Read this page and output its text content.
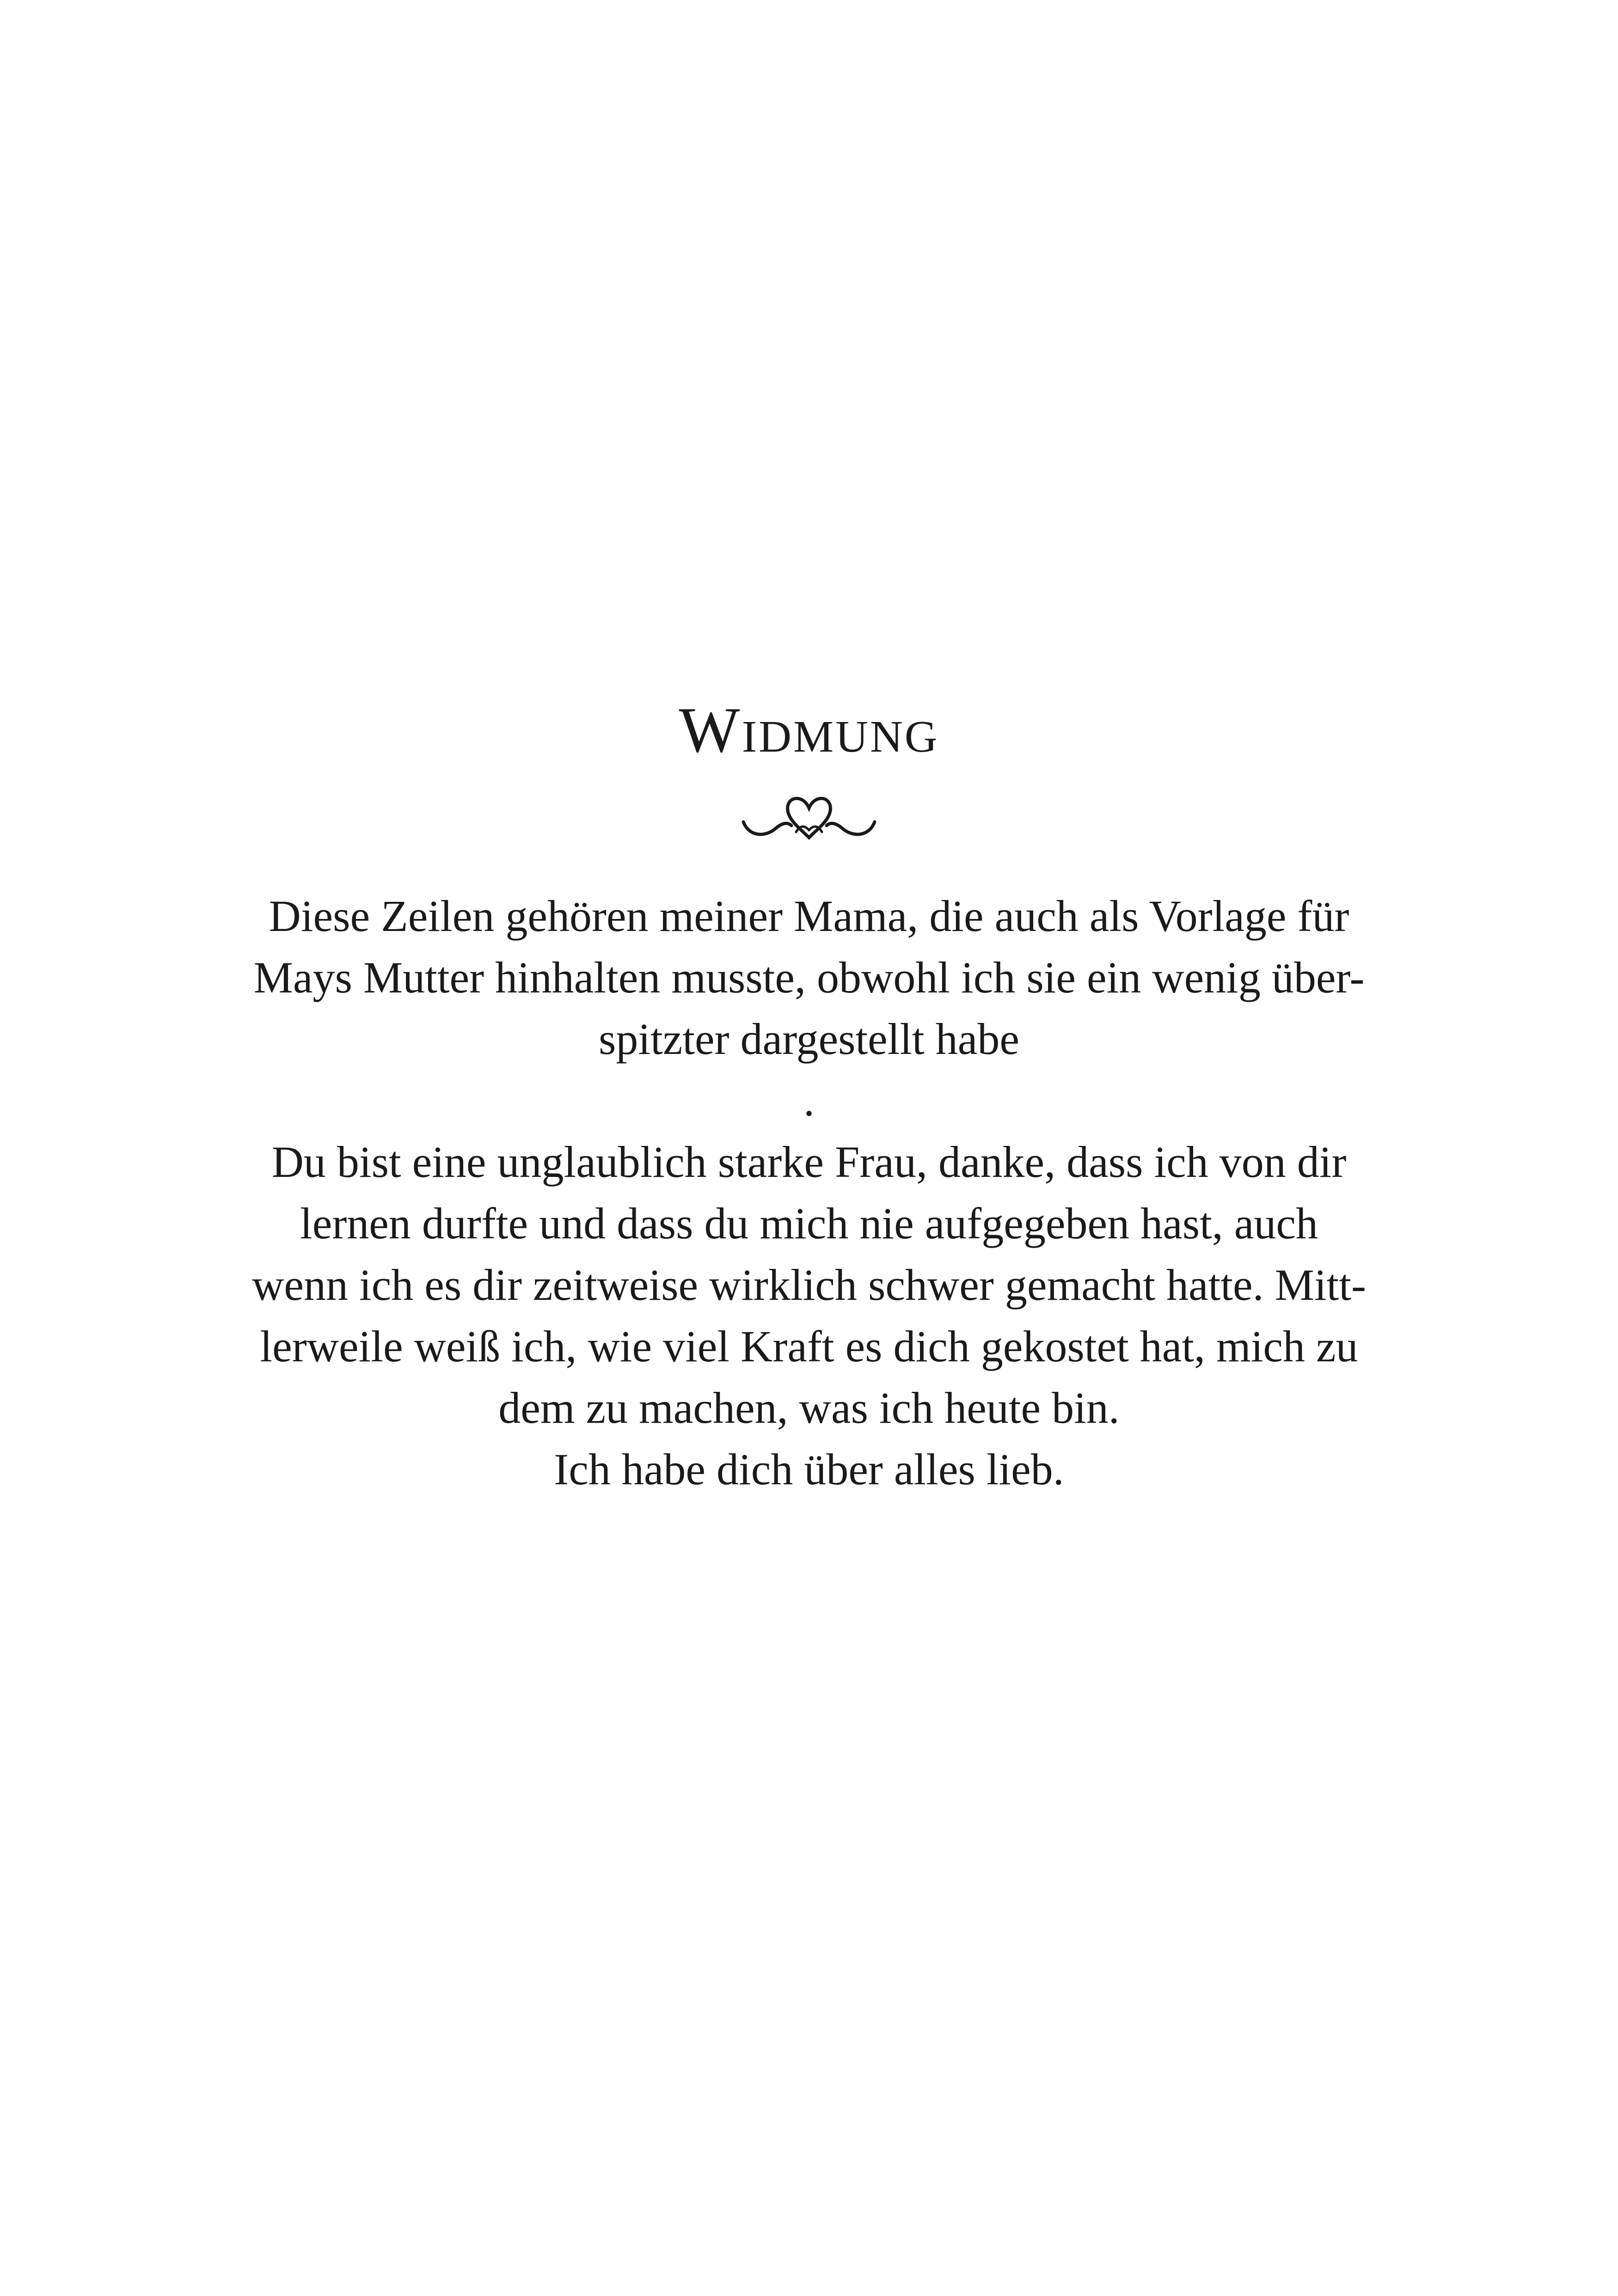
Widmung
Diese Zeilen gehören meiner Mama, die auch als Vorlage für
Mays Mutter hinhalten musste, obwohl ich sie ein wenig über-
spitzter dargestellt habe
.
Du bist eine unglaublich starke Frau, danke, dass ich von dir
lernen durfte und dass du mich nie aufgegeben hast, auch
wenn ich es dir zeitweise wirklich schwer gemacht hatte. Mitt-
lerweile weiß ich, wie viel Kraft es dich gekostet hat, mich zu
dem zu machen, was ich heute bin.
Ich habe dich über alles lieb.
